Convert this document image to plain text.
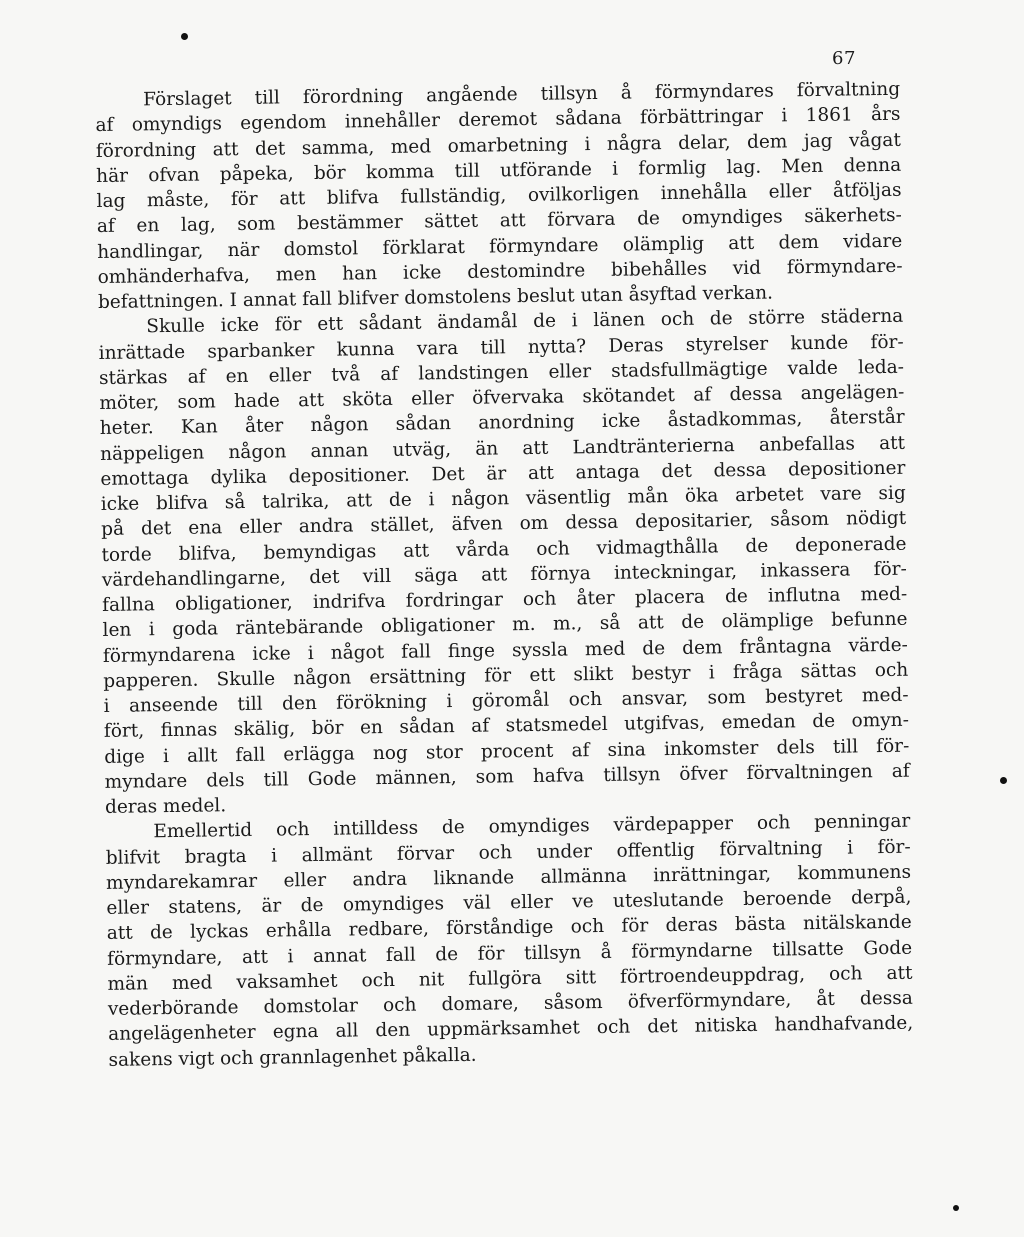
67
Förslaget till förordning angående tillsyn å förmyndares förvaltning
af omyndigs egendom innehåller deremot sådana förbättringar i 1861 års
förordning att det samma, med omarbetning i några delar, dem jag vågat
här ofvan påpeka, bör komma till utförande i formlig lag. Men denna
lag måste, för att blifva fullständig, ovilkorligen innehålla eller åtföljas
af en lag, som bestämmer sättet att förvara de omyndiges säkerhets-
handlingar, när domstol förklarat förmyndare olämplig att dem vidare
omhänderhafva, men han icke destomindre bibehålles vid förmyndare-
befattningen. I annat fall blifver domstolens beslut utan åsyftad verkan.
Skulle icke för ett sådant ändamål de i länen och de större städerna
inrättade sparbanker kunna vara till nytta? Deras styrelser kunde för-
stärkas af en eller två af landstingen eller stadsfullmägtige valde leda-
möter, som hade att sköta eller öfvervaka skötandet af dessa angelägen-
heter. Kan åter någon sådan anordning icke åstadkommas, återstår
näppeligen någon annan utväg, än att Landtränterierna anbefallas att
emottaga dylika depositioner. Det är att antaga det dessa depositioner
icke blifva så talrika, att de i någon väsentlig mån öka arbetet vare sig
på det ena eller andra stället, äfven om dessa depositarier, såsom nödigt
torde blifva, bemyndigas att vårda och vidmagthålla de deponerade
värdehandlingarne, det vill säga att förnya inteckningar, inkassera för-
fallna obligationer, indrifva fordringar och åter placera de influtna med-
len i goda räntebärande obligationer m. m., så att de olämplige befunne
förmyndarena icke i något fall finge syssla med de dem fråntagna värde-
papperen. Skulle någon ersättning för ett slikt bestyr i fråga sättas och
i anseende till den förökning i göromål och ansvar, som bestyret med-
fört, finnas skälig, bör en sådan af statsmedel utgifvas, emedan de omyn-
dige i allt fall erlägga nog stor procent af sina inkomster dels till för-
myndare dels till Gode männen, som hafva tillsyn öfver förvaltningen af
deras medel.
Emellertid och intilldess de omyndiges värdepapper och penningar
blifvit bragta i allmänt förvar och under offentlig förvaltning i för-
myndarekamrar eller andra liknande allmänna inrättningar, kommunens
eller statens, är de omyndiges väl eller ve uteslutande beroende derpå,
att de lyckas erhålla redbare, förståndige och för deras bästa nitälskande
förmyndare, att i annat fall de för tillsyn å förmyndarne tillsatte Gode
män med vaksamhet och nit fullgöra sitt förtroendeuppdrag, och att
vederbörande domstolar och domare, såsom öfverförmyndare, åt dessa
angelägenheter egna all den uppmärksamhet och det nitiska handhafvande,
sakens vigt och grannlagenhet påkalla.
